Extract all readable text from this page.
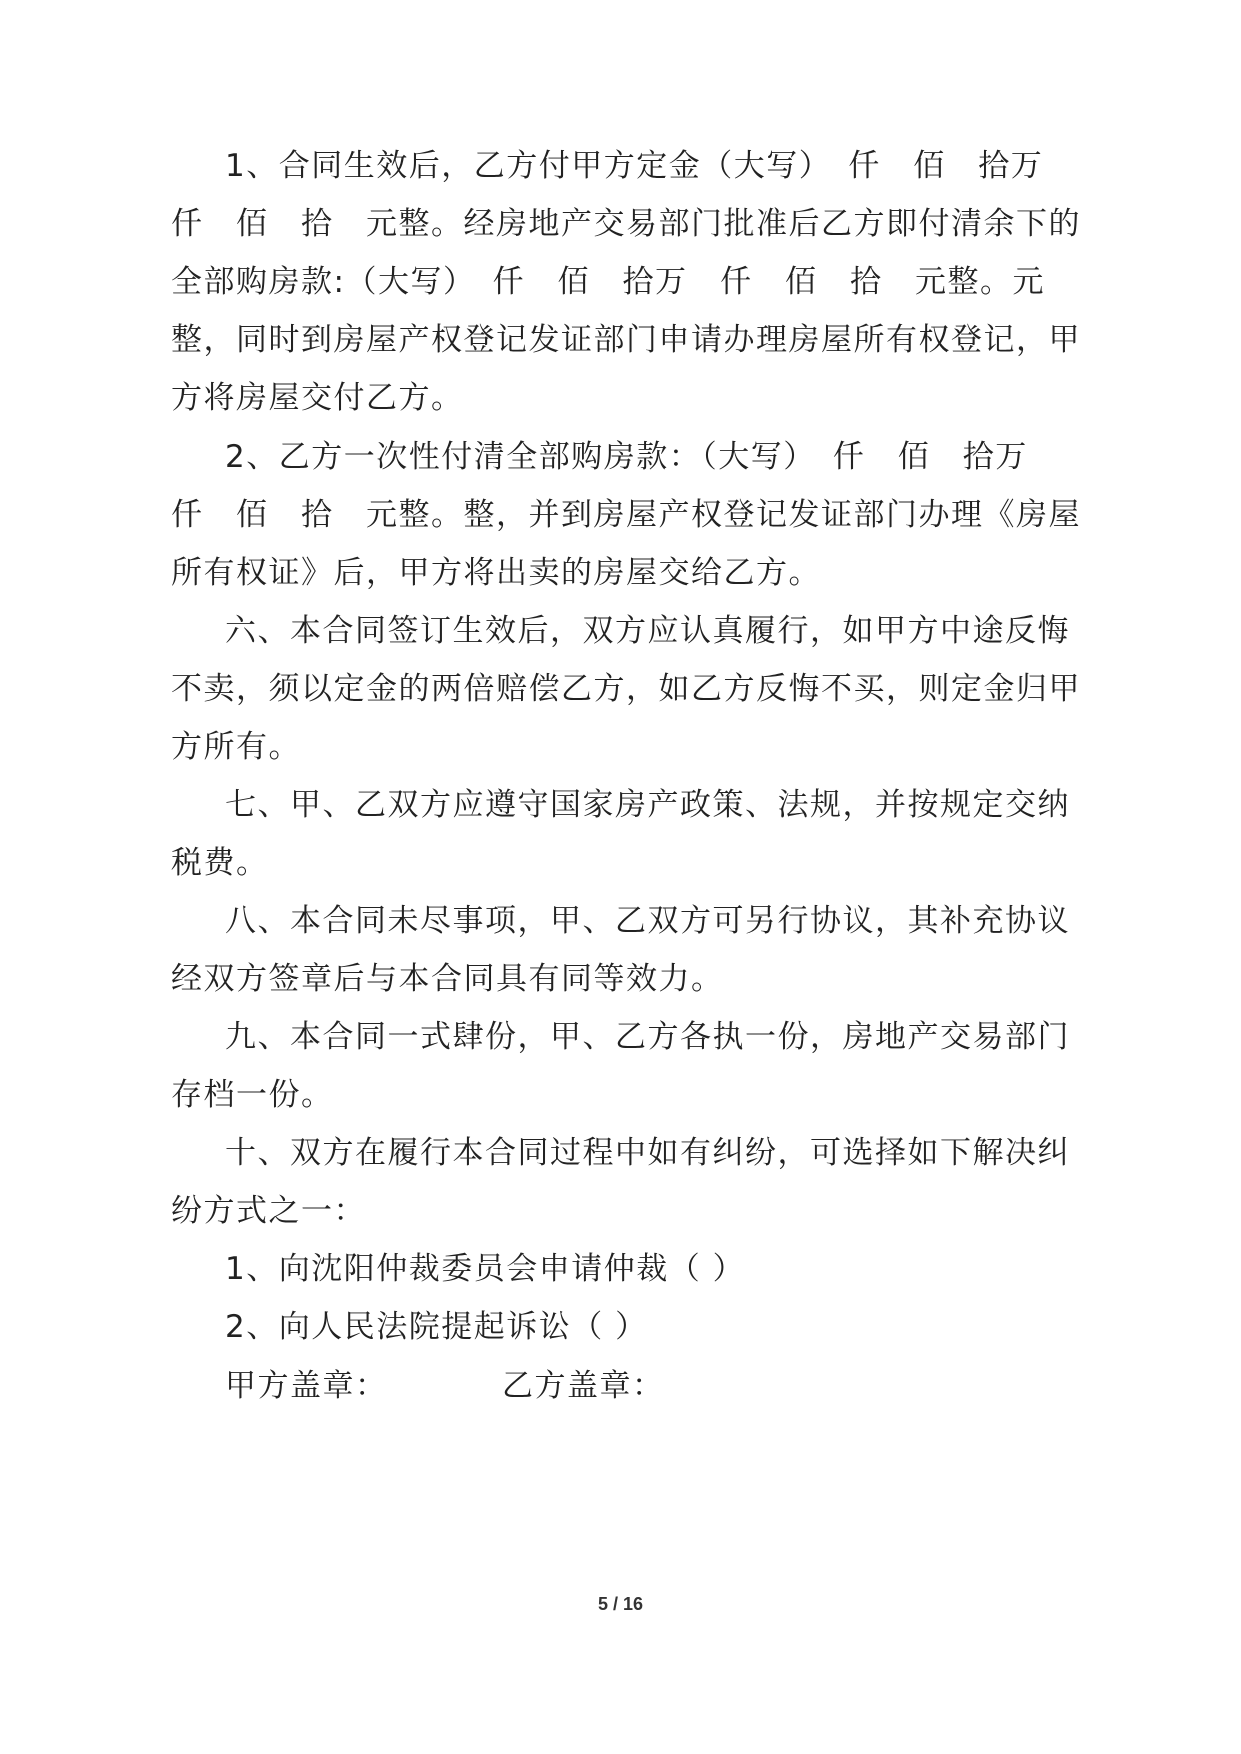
1、合同生效后，乙方付甲方定金（大写）　仟　佰　拾万

仟　佰　拾　元整。经房地产交易部门批准后乙方即付清余下的

全部购房款:（大写）　仟　佰　拾万　仟　佰　拾　元整。元

整，同时到房屋产权登记发证部门申请办理房屋所有权登记，甲

方将房屋交付乙方。

2、乙方一次性付清全部购房款：（大写）　仟　佰　拾万

仟　佰　拾　元整。整，并到房屋产权登记发证部门办理《房屋

所有权证》后，甲方将出卖的房屋交给乙方。

六、本合同签订生效后，双方应认真履行，如甲方中途反悔

不卖，须以定金的两倍赔偿乙方，如乙方反悔不买，则定金归甲

方所有。

七、甲、乙双方应遵守国家房产政策、法规，并按规定交纳

税费。

八、本合同未尽事项，甲、乙双方可另行协议，其补充协议

经双方签章后与本合同具有同等效力。

九、本合同一式肆份，甲、乙方各执一份，房地产交易部门

存档一份。

十、双方在履行本合同过程中如有纠纷，可选择如下解决纠

纷方式之一：

1、向沈阳仲裁委员会申请仲裁（ ）

2、向人民法院提起诉讼（ ）

甲方盖章：　　　　乙方盖章：

5 / 16
